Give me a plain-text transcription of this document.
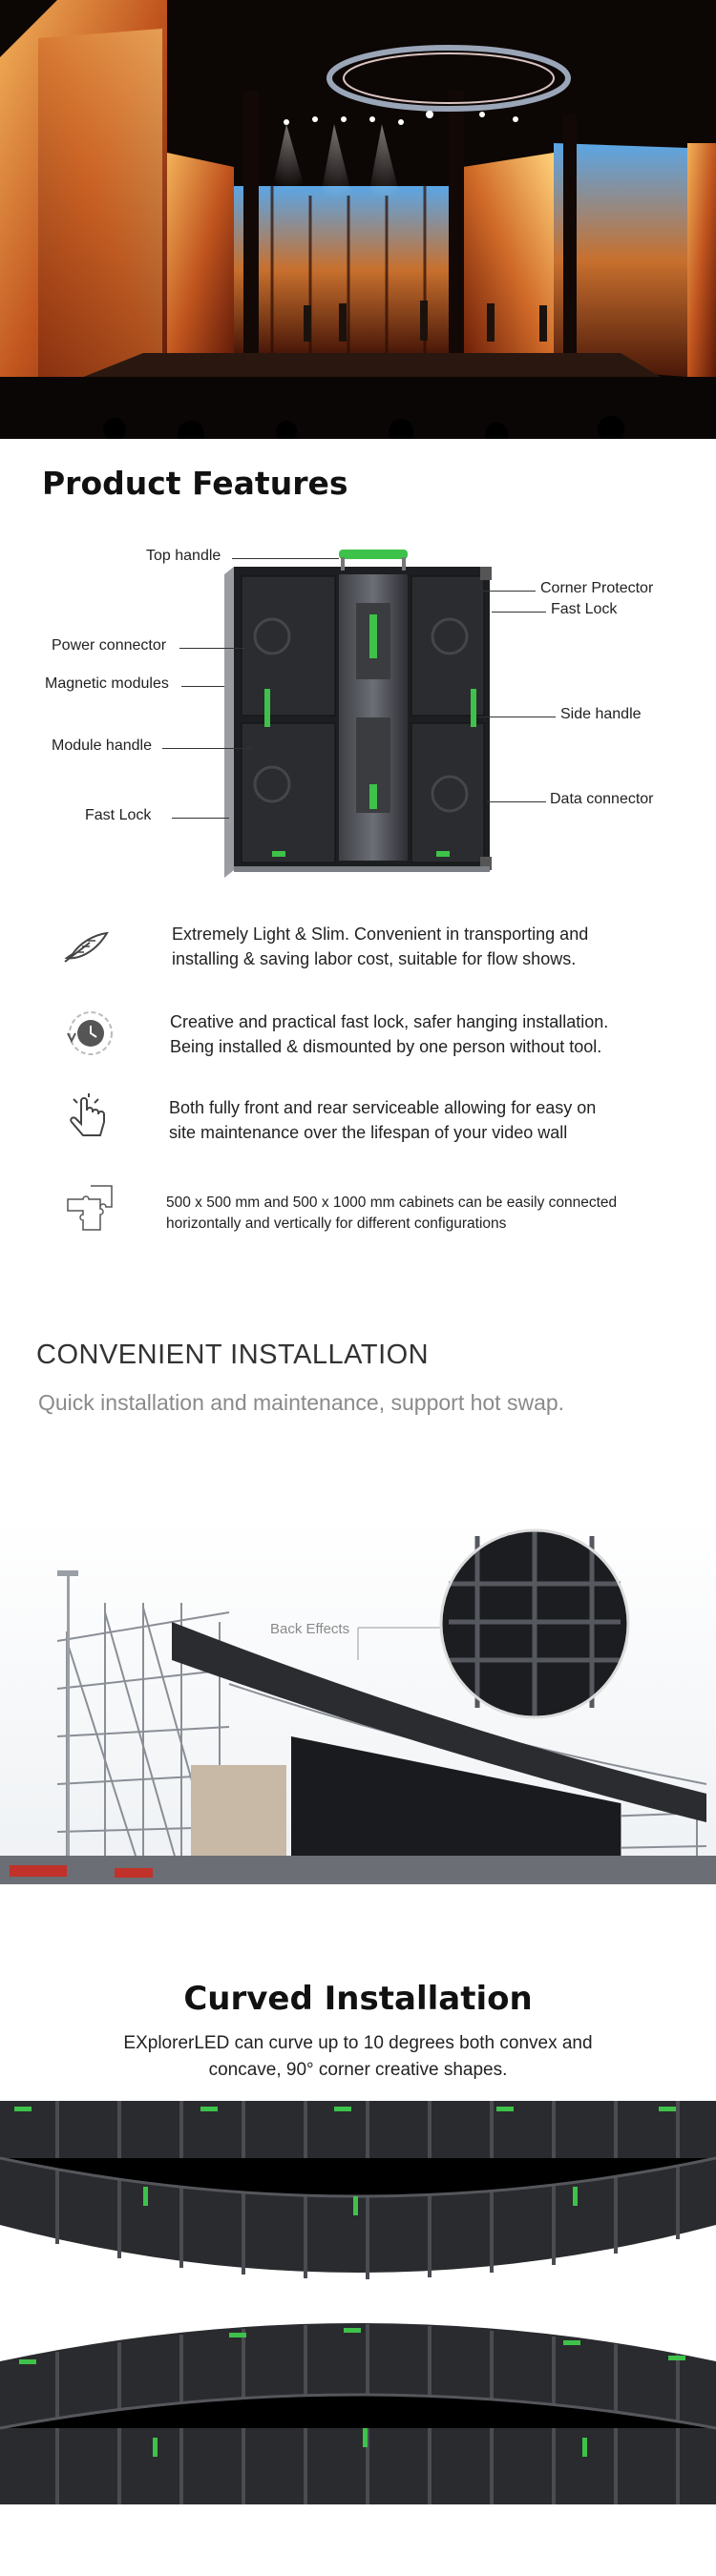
Product Features
Top handle
Power connector
Magnetic modules
Module handle
Fast Lock
Corner Protector
Fast Lock
Side handle
Data connector
Extremely Light & Slim. Convenient in transporting and
installing & saving labor cost, suitable for flow shows.
Creative and practical fast lock, safer hanging installation.
Being installed & dismounted by one person without tool.
Both fully front and rear serviceable allowing for easy on
site maintenance over the lifespan of your video wall
500 x 500 mm and 500 x 1000 mm cabinets can be easily connected
horizontally and vertically for different configurations
CONVENIENT INSTALLATION
Quick installation and maintenance, support hot swap.
Back Effects
Curved Installation
EXplorerLED can curve up to 10 degrees both convex and
concave, 90° corner creative shapes.
